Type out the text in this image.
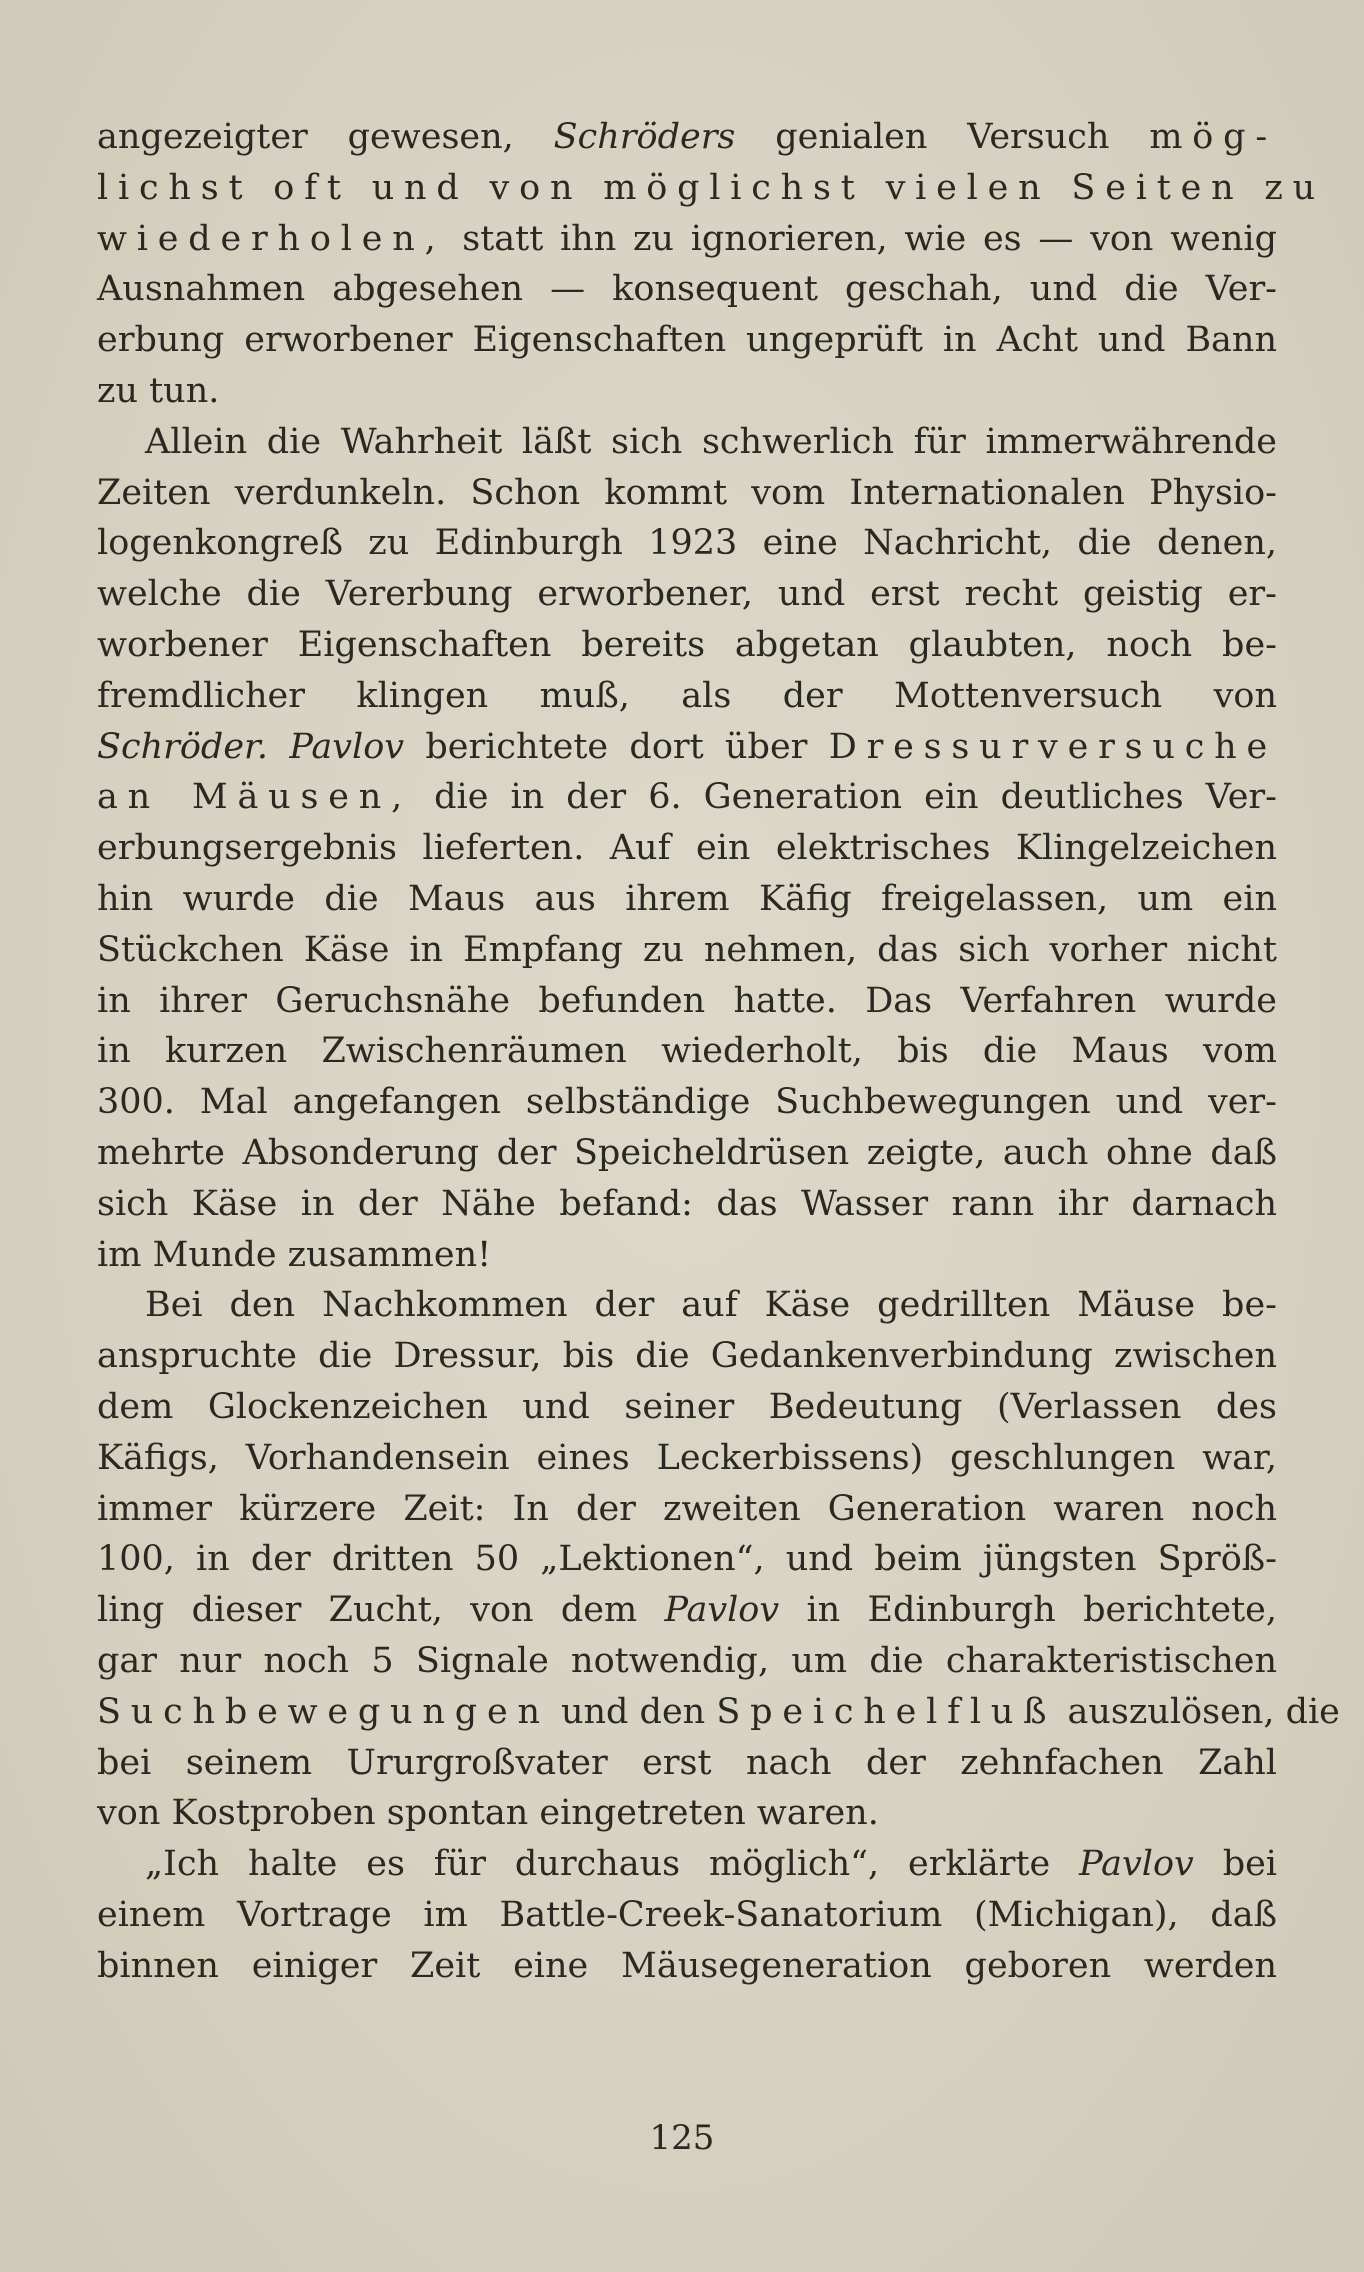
angezeigter gewesen, Schröders genialen Versuch mög-
lichst oft und von möglichst vielen Seiten zu
wiederholen, statt ihn zu ignorieren, wie es — von wenig
Ausnahmen abgesehen — konsequent geschah, und die Ver-
erbung erworbener Eigenschaften ungeprüft in Acht und Bann
zu tun.
Allein die Wahrheit läßt sich schwerlich für immerwährende
Zeiten verdunkeln. Schon kommt vom Internationalen Physio-
logenkongreß zu Edinburgh 1923 eine Nachricht, die denen,
welche die Vererbung erworbener, und erst recht geistig er-
worbener Eigenschaften bereits abgetan glaubten, noch be-
fremdlicher klingen muß, als der Mottenversuch von
Schröder. Pavlov berichtete dort über Dressurversuche
an Mäusen, die in der 6. Generation ein deutliches Ver-
erbungsergebnis lieferten. Auf ein elektrisches Klingelzeichen
hin wurde die Maus aus ihrem Käfig freigelassen, um ein
Stückchen Käse in Empfang zu nehmen, das sich vorher nicht
in ihrer Geruchsnähe befunden hatte. Das Verfahren wurde
in kurzen Zwischenräumen wiederholt, bis die Maus vom
300. Mal angefangen selbständige Suchbewegungen und ver-
mehrte Absonderung der Speicheldrüsen zeigte, auch ohne daß
sich Käse in der Nähe befand: das Wasser rann ihr darnach
im Munde zusammen!
Bei den Nachkommen der auf Käse gedrillten Mäuse be-
anspruchte die Dressur, bis die Gedankenverbindung zwischen
dem Glockenzeichen und seiner Bedeutung (Verlassen des
Käfigs, Vorhandensein eines Leckerbissens) geschlungen war,
immer kürzere Zeit: In der zweiten Generation waren noch
100, in der dritten 50 „Lektionen“, und beim jüngsten Spröß-
ling dieser Zucht, von dem Pavlov in Edinburgh berichtete,
gar nur noch 5 Signale notwendig, um die charakteristischen
Suchbewegungen und den Speichelfluß auszulösen, die
bei seinem Ururgroßvater erst nach der zehnfachen Zahl
von Kostproben spontan eingetreten waren.
„Ich halte es für durchaus möglich“, erklärte Pavlov bei
einem Vortrage im Battle-Creek-Sanatorium (Michigan), daß
binnen einiger Zeit eine Mäusegeneration geboren werden
125
